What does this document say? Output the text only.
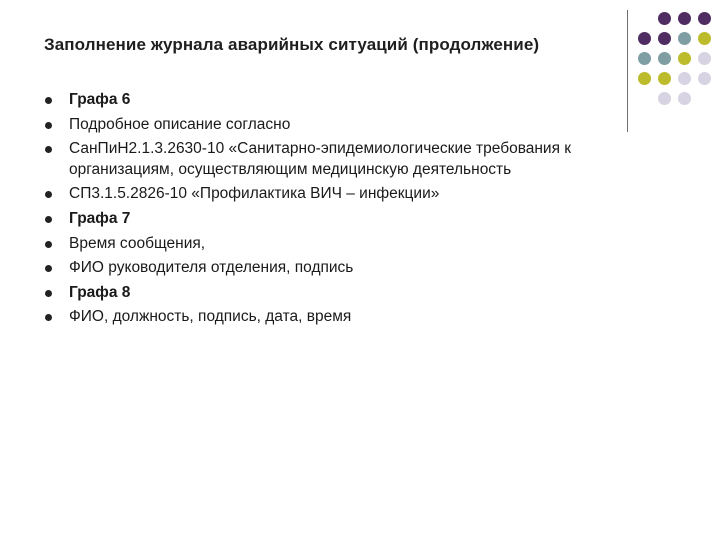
Заполнение журнала аварийных ситуаций (продолжение)
Графа 6
Подробное описание согласно
СанПиН2.1.3.2630-10 «Санитарно-эпидемиологические требования к организациям, осуществляющим медицинскую деятельность
СП3.1.5.2826-10 «Профилактика ВИЧ – инфекции»
Графа 7
Время сообщения,
ФИО руководителя отделения, подпись
Графа 8
ФИО, должность, подпись, дата, время
